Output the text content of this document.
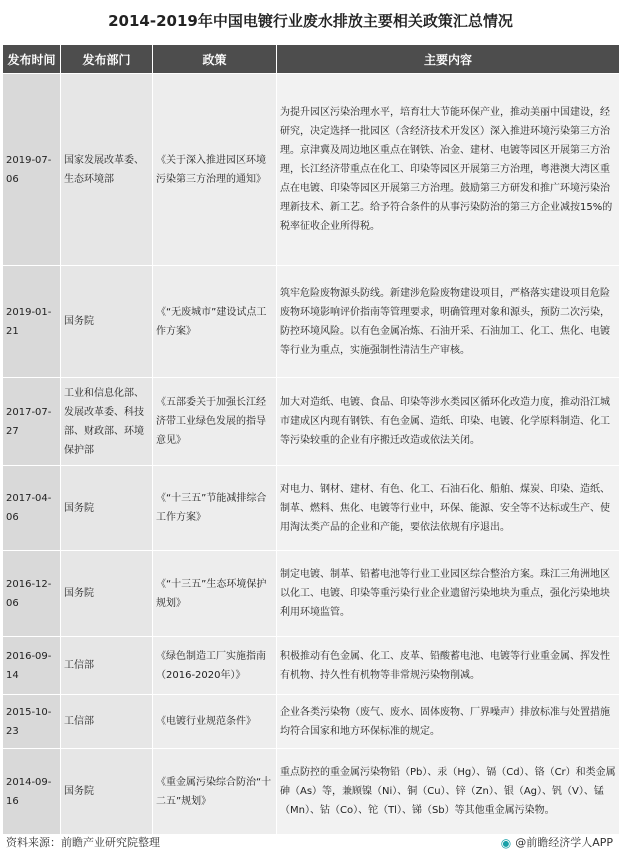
2014-2019年中国电镀行业废水排放主要相关政策汇总情况
发布时间	发布部门	政策	主要内容
2019-07-06	国家发展改革委、生态环境部	《关于深入推进园区环境污染第三方治理的通知》	为提升园区污染治理水平，培育壮大节能环保产业，推动美丽中国建设，经研究，决定选择一批园区（含经济技术开发区）深入推进环境污染第三方治理。京津冀及周边地区重点在钢铁、冶金、建材、电镀等园区开展第三方治理，长江经济带重点在化工、印染等园区开展第三方治理，粤港澳大湾区重点在电镀、印染等园区开展第三方治理。鼓励第三方研发和推广环境污染治理新技术、新工艺。给予符合条件的从事污染防治的第三方企业减按15%的税率征收企业所得税。
2019-01-21	国务院	《“无废城市”建设试点工作方案》	筑牢危险废物源头防线。新建涉危险废物建设项目，严格落实建设项目危险废物环境影响评价指南等管理要求，明确管理对象和源头，预防二次污染，防控环境风险。以有色金属冶炼、石油开采、石油加工、化工、焦化、电镀等行业为重点，实施强制性清洁生产审核。
2017-07-27	工业和信息化部、发展改革委、科技部、财政部、环境保护部	《五部委关于加强长江经济带工业绿色发展的指导意见》	加大对造纸、电镀、食品、印染等涉水类园区循环化改造力度，推动沿江城市建成区内现有钢铁、有色金属、造纸、印染、电镀、化学原料制造、化工等污染较重的企业有序搬迁改造或依法关闭。
2017-04-06	国务院	《“十三五”节能减排综合工作方案》	对电力、钢材、建材、有色、化工、石油石化、船舶、煤炭、印染、造纸、制革、燃料、焦化、电镀等行业中，环保、能源、安全等不达标或生产、使用淘汰类产品的企业和产能，要依法依规有序退出。
2016-12-06	国务院	《“十三五”生态环境保护规划》	制定电镀、制革、铅蓄电池等行业工业园区综合整治方案。珠江三角洲地区以化工、电镀、印染等重污染行业企业遗留污染地块为重点，强化污染地块利用环境监管。
2016-09-14	工信部	《绿色制造工厂实施指南（2016-2020年）》	积极推动有色金属、化工、皮革、铅酸蓄电池、电镀等行业重金属、挥发性有机物、持久性有机物等非常规污染物削减。
2015-10-23	工信部	《电镀行业规范条件》	企业各类污染物（废气、废水、固体废物、厂界噪声）排放标准与处置措施均符合国家和地方环保标准的规定。
2014-09-16	国务院	《重金属污染综合防治“十二五”规划》	重点防控的重金属污染物铅（Pb）、汞（Hg）、镉（Cd）、铬（Cr）和类金属砷（As）等，兼顾镍（Ni）、铜（Cu）、锌（Zn）、银（Ag）、钒（V）、锰（Mn）、钴（Co）、铊（Tl）、锑（Sb）等其他重金属污染物。
资料来源：前瞻产业研究院整理	◉ @前瞻经济学人APP
